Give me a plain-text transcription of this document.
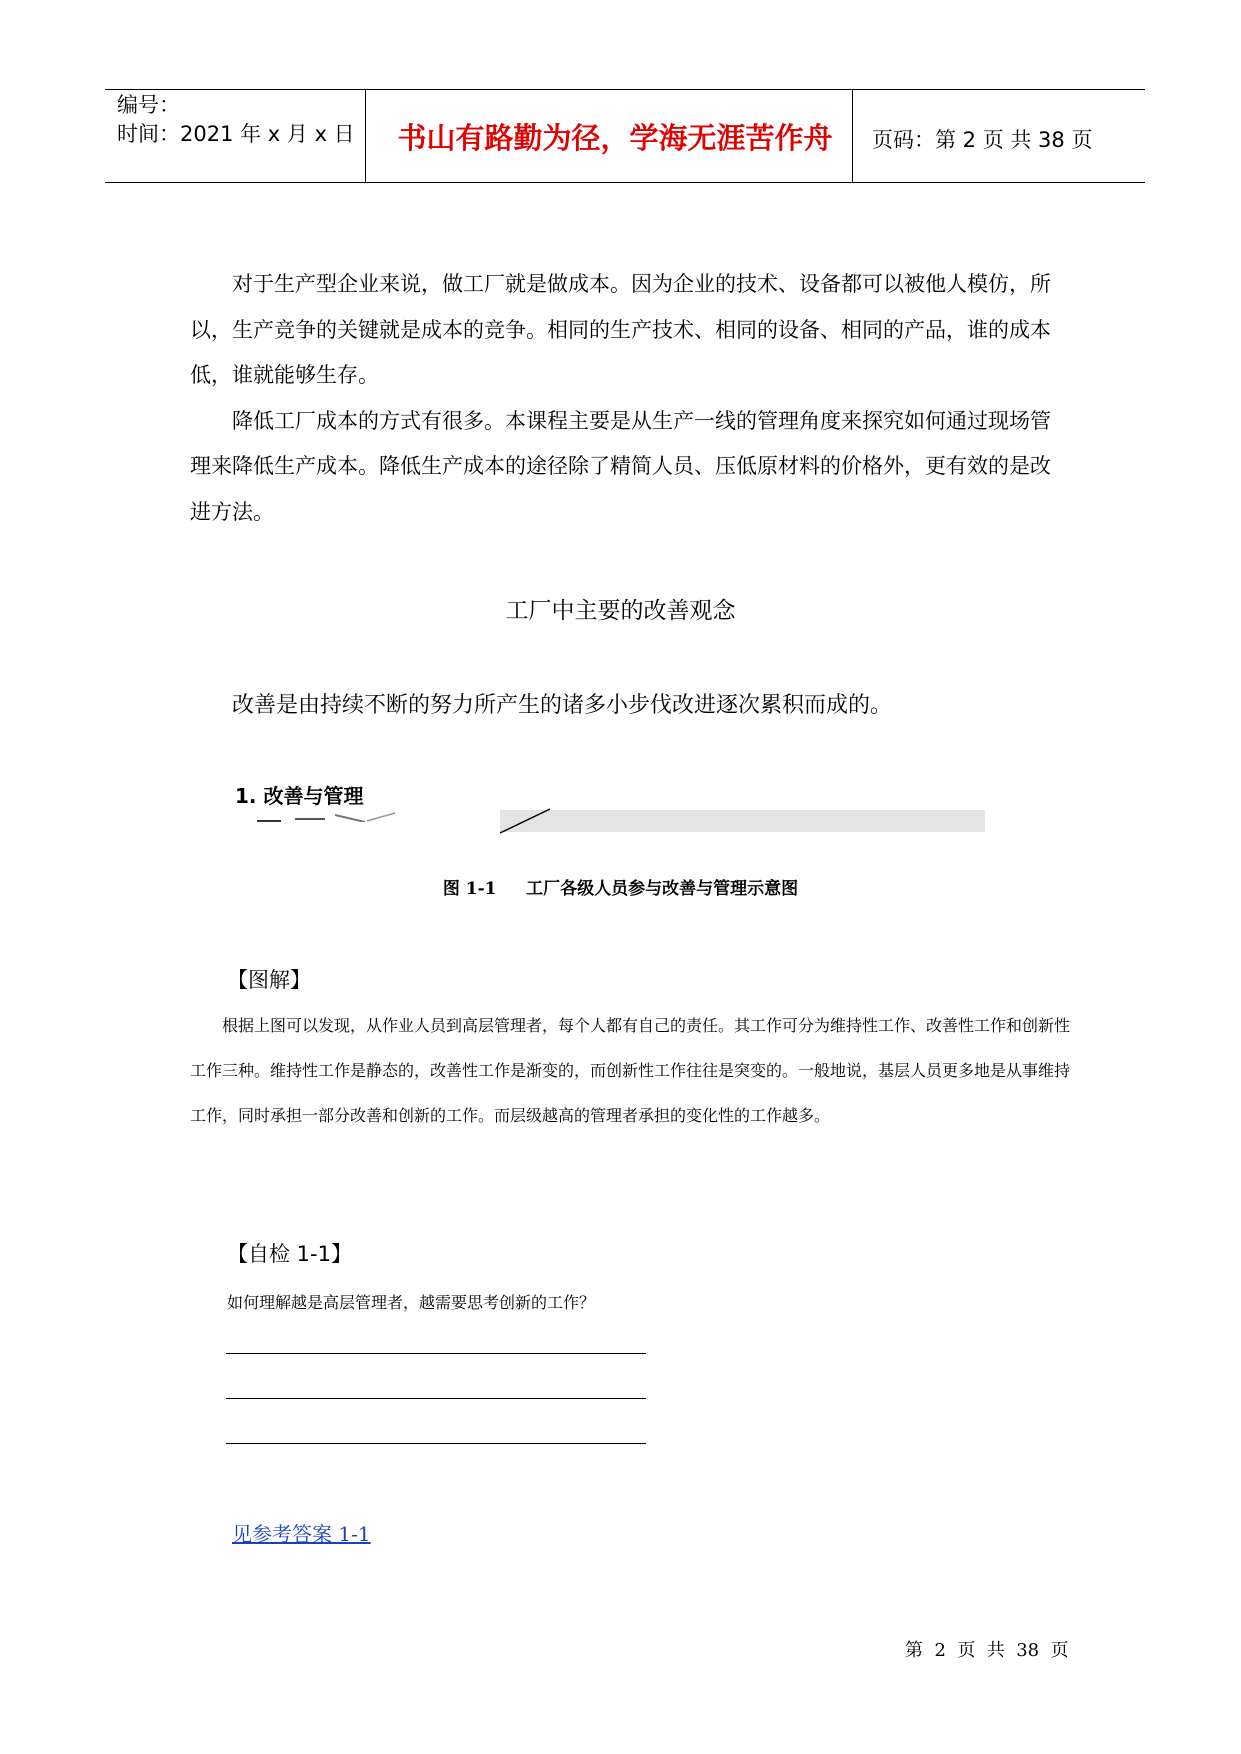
编号：
时间：2021 年 x 月 x 日	书山有路勤为径，学海无涯苦作舟	页码：第 2 页 共 38 页

对于生产型企业来说，做工厂就是做成本。因为企业的技术、设备都可以被他人模仿，所以，生产竞争的关键就是成本的竞争。相同的生产技术、相同的设备、相同的产品，谁的成本低，谁就能够生存。

降低工厂成本的方式有很多。本课程主要是从生产一线的管理角度来探究如何通过现场管理来降低生产成本。降低生产成本的途径除了精简人员、压低原材料的价格外，更有效的是改进方法。

工厂中主要的改善观念
改善是由持续不断的努力所产生的诸多小步伐改进逐次累积而成的。
1. 改善与管理
图 1-1     工厂各级人员参与改善与管理示意图
【图解】

根据上图可以发现，从作业人员到高层管理者，每个人都有自己的责任。其工作可分为维持性工作、改善性工作和创新性工作三种。维持性工作是静态的，改善性工作是渐变的，而创新性工作往往是突变的。一般地说，基层人员更多地是从事维持工作，同时承担一部分改善和创新的工作。而层级越高的管理者承担的变化性的工作越多。

【自检 1-1】
如何理解越是高层管理者，越需要思考创新的工作？
见参考答案 1-1
第  2  页  共  38  页
